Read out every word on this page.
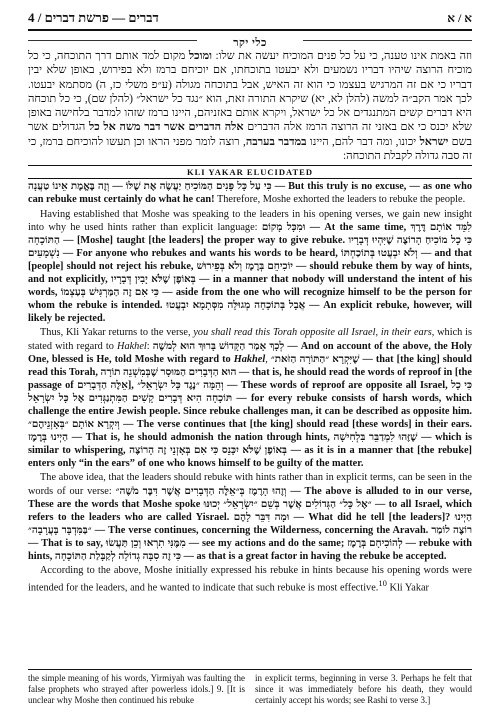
4 / דברים — פרשת דברים	א / א
כלי יקר
וזה באמת אינו טענה, כי על כל פנים המוכיח יעשה את שלו: ומוכל מקום למד אותם דרך התוכחה, כי כל מוכיח הרוצה שיהיו דבריו נשמעים ולא יבעטו בתוכחתו, אם יוכיחם ברמז ולא בפירוש, באופן שלא יבין דבריו כי אם זה המרגיש בעצמו כי הוא זה האיש, אבל בתוכחה מגולה (ע״פ משלי כז, ה) מסתמא יבעטו. לכך אמר הקב״ה למשה (להלן לא, יא) שיקרא התורה זאת, הוא ״נגד כל ישראל״ (להלן שם), כי כל תוכחה היא דברים קשים המתנגדים אל כל ישראל, ויקרא אותם באזניהם, היינו ברמז שזהו למדבר בלחישה באופן שלא יכנס כי אם באזני זה הרוצה הרמז אלה הדברים אלה הדברים אשר דבר משה אל כל הגדולים אשר בשם ישראל יכונו, ומה דבר להם, היינו במדבר בערבה, רוצה לומר מפני הראו וכן תעשו להוכיחם ברמז, כי זה סבה גדולה לקבלת התוכחה:
KLI YAKAR ELUCIDATED

כִּי עַל כָּל פָּנִים הַמּוֹכִיחַ יַעֲשֶׂה אֶת שֶׁלּוֹ — וְזֶה בֶּאֱמֶת אֵינוֹ טַעֲנָה — But this truly is no excuse, — as one who can rebuke must certainly do what he can! Therefore, Moshe exhorted the leaders to rebuke the people.

Having established that Moshe was speaking to the leaders in his opening verses, we gain new insight into why he used hints rather than explicit language: וּמִכָּל מָקוֹם — At the same time, לִמֵּד אוֹתָם דֶּרֶךְ הַתּוֹכָחָה — [Moshe] taught [the leaders] the proper way to give rebuke. כִּי כָל מוֹכִיחַ הָרוֹצֶה שֶׁיִּהְיוּ דְּבָרָיו נִשְׁמָעִים — For anyone who rebukes and wants his words to be heard, וְלֹא יִבְעֲטוּ בְּתוֹכַחְתּוֹ — and that [people] should not reject his rebuke, יוֹכִיחֵם בְּרֶמֶז וְלֹא בְּפֵירוּשׁ — should rebuke them by way of hints, and not explicitly, בְּאוֹפֶן שֶׁלֹּא יָבִין דְּבָרָיו — in a manner that nobody will understand the intent of his words, כִּי אִם זֶה הַמַּרְגִּישׁ בְּעַצְמוֹ — aside from the one who will recognize himself to be the person for whom the rebuke is intended. אֲבָל בְּתוֹכָחָה מְגוּלָּה מִסְּתָמָא יִבְעֲטוּ — An explicit rebuke, however, will likely be rejected.

Thus, Kli Yakar returns to the verse, you shall read this Torah opposite all Israel, in their ears, which is stated with regard to Hakhel: לְכָךְ אָמַר הַקָּדוֹשׁ בָּרוּךְ הוּא לְמשֶׁה — And on account of the above, the Holy One, blessed is He, told Moshe with regard to Hakhel, שֶׁיִּקְרָא ״הַתּוֹרָה הַזֹּאת״ — that [the king] should read this Torah, הוּא הַדְּבָרִים הַמּוּסָר שֶׁבְּמִשְׁנֵה תוֹרָה — that is, he should read the words of reproof in [the passage of אֵלֶּה הַדְּבָרִים], וְהֵמָּה ״נֶגֶד כָּל יִשְׂרָאֵל״ — These words of reproof are opposite all Israel, כִּי כָל תּוֹכָחָה הִיא דְּבָרִים קָשִׁים הַמִּתְנַגְּדִים אֶל כָּל יִשְׂרָאֵל — for every rebuke consists of harsh words, which challenge the entire Jewish people. Since rebuke challenges man, it can be described as opposite him. וְיִקְרָא אוֹתָם ״בְּאָזְנֵיהֶם״ — The verse continues that [the king] should read [these words] in their ears. הַיְינוּ בְּרֶמֶז — That is, he should admonish the nation through hints, שֶׁזֶּהוּ לִמְדַבֵּר בִּלְחִישָׁה — which is similar to whispering, בְּאוֹפֶן שֶׁלֹּא יִכָּנֵס כִּי אִם בְּאָזְנֵי זֶה הָרוֹצֶה — as it is in a manner that [the rebuke] enters only “in the ears” of one who knows himself to be guilty of the matter.

The above idea, that the leaders should rebuke with hints rather than in explicit terms, can be seen in the words of our verse: וְזֶהוּ הָרֶמֶז בְּ״אֵלֶּה הַדְּבָרִים אֲשֶׁר דִּבֶּר מֹשֶׁה״ — The above is alluded to in our verse, These are the words that Moshe spoke ״אֶל כָּל״ הַגְּדוֹלִים אֲשֶׁר בְּשֵׁם ״יִשְׂרָאֵל״ יְכוּנּוּ — to all Israel, which refers to the leaders who are called Yisrael. וּמָה דִּבֵּר לָהֶם — What did he tell [the leaders]? הַיְינוּ ״בַּמִּדְבָּר בָּעֲרָבָה״ — The verse continues, concerning the Wilderness, concerning the Aravah. רוֹצֶה לוֹמַר — That is to say, מִמֶּנִּי תִרְאוּ וְכֵן תַּעֲשׂוּ — see my actions and do the same; לְהוֹכִיחָם בְּרֶמֶז — rebuke with hints, כִּי זֶה סִבָּה גְדוֹלָה לְקַבָּלַת הַתּוֹכָחָה — as that is a great factor in having the rebuke be accepted.

According to the above, Moshe initially expressed his rebuke in hints because his opening words were intended for the leaders, and he wanted to indicate that such rebuke is most effective.$^{10}$ Kli Yakar

the simple meaning of his words, Yirmiyah was faulting the false prophets who strayed after powerless idols.] 9. [It is unclear why Moshe then continued his rebuke
in explicit terms, beginning in verse 3. Perhaps he felt that since it was immediately before his death, they would certainly accept his words; see Rashi to verse 3.]
